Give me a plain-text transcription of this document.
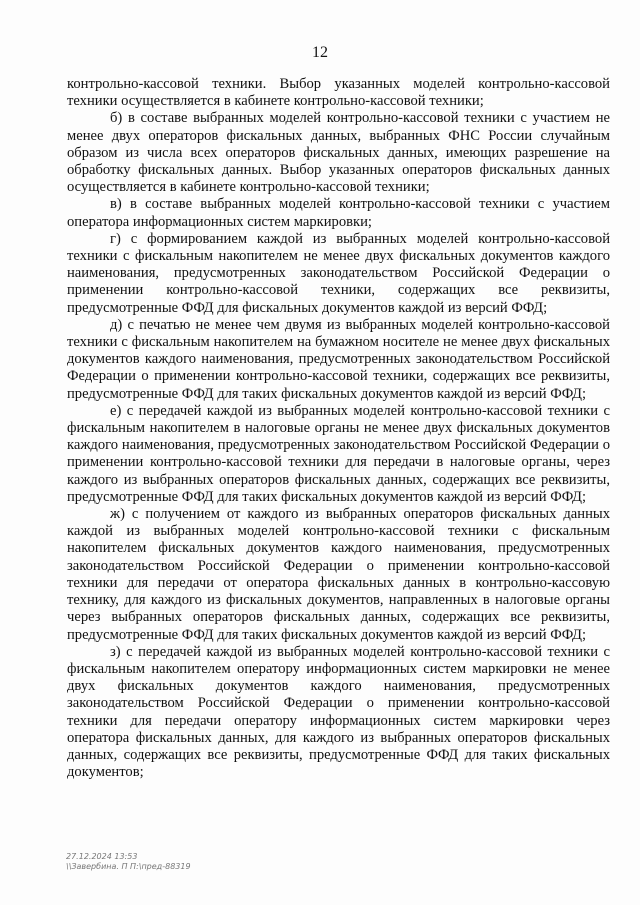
12

контрольно-кассовой техники. Выбор указанных моделей контрольно-кассовой техники осуществляется в кабинете контрольно-кассовой техники;

б) в составе выбранных моделей контрольно-кассовой техники с участием не менее двух операторов фискальных данных, выбранных ФНС России случайным образом из числа всех операторов фискальных данных, имеющих разрешение на обработку фискальных данных. Выбор указанных операторов фискальных данных осуществляется в кабинете контрольно-кассовой техники;

в) в составе выбранных моделей контрольно-кассовой техники с участием оператора информационных систем маркировки;

г) с формированием каждой из выбранных моделей контрольно-кассовой техники с фискальным накопителем не менее двух фискальных документов каждого наименования, предусмотренных законодательством Российской Федерации о применении контрольно-кассовой техники, содержащих все реквизиты, предусмотренные ФФД для фискальных документов каждой из версий ФФД;

д) с печатью не менее чем двумя из выбранных моделей контрольно-кассовой техники с фискальным накопителем на бумажном носителе не менее двух фискальных документов каждого наименования, предусмотренных законодательством Российской Федерации о применении контрольно-кассовой техники, содержащих все реквизиты, предусмотренные ФФД для таких фискальных документов каждой из версий ФФД;

е) с передачей каждой из выбранных моделей контрольно-кассовой техники с фискальным накопителем в налоговые органы не менее двух фискальных документов каждого наименования, предусмотренных законодательством Российской Федерации о применении контрольно-кассовой техники для передачи в налоговые органы, через каждого из выбранных операторов фискальных данных, содержащих все реквизиты, предусмотренные ФФД для таких фискальных документов каждой из версий ФФД;

ж) с получением от каждого из выбранных операторов фискальных данных каждой из выбранных моделей контрольно-кассовой техники с фискальным накопителем фискальных документов каждого наименования, предусмотренных законодательством Российской Федерации о применении контрольно-кассовой техники для передачи от оператора фискальных данных в контрольно-кассовую технику, для каждого из фискальных документов, направленных в налоговые органы через выбранных операторов фискальных данных, содержащих все реквизиты, предусмотренные ФФД для таких фискальных документов каждой из версий ФФД;

з) с передачей каждой из выбранных моделей контрольно-кассовой техники с фискальным накопителем оператору информационных систем маркировки не менее двух фискальных документов каждого наименования, предусмотренных законодательством Российской Федерации о применении контрольно-кассовой техники для передачи оператору информационных систем маркировки через оператора фискальных данных, для каждого из выбранных операторов фискальных данных, содержащих все реквизиты, предусмотренные ФФД для таких фискальных документов;

27.12.2024 13:53
\\Завербина. П П:\пред-88319
